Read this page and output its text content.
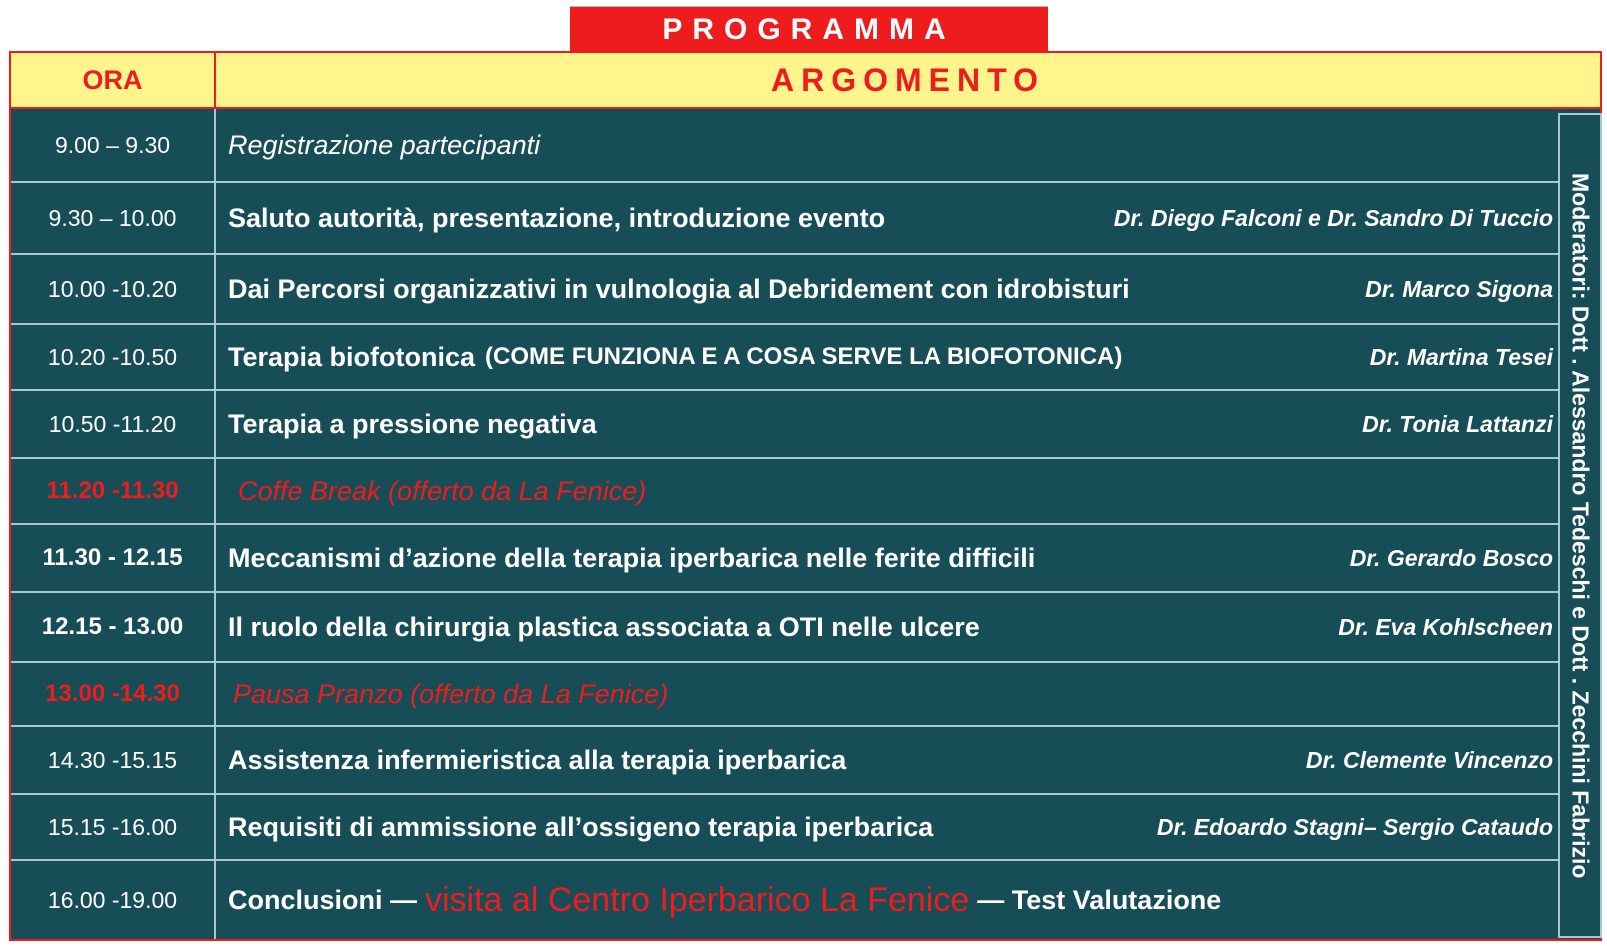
PROGRAMMA
ORA	ARGOMENTO
9.00 – 9.30	Registrazione partecipanti
9.30 – 10.00	Saluto autorità, presentazione, introduzione evento	Dr. Diego Falconi e Dr. Sandro Di Tuccio
10.00 -10.20	Dai Percorsi organizzativi in vulnologia al Debridement con idrobisturi	Dr. Marco Sigona
10.20 -10.50	Terapia biofotonica (COME FUNZIONA E A COSA SERVE LA BIOFOTONICA)	Dr. Martina Tesei
10.50 -11.20	Terapia a pressione negativa	Dr. Tonia Lattanzi
11.20 -11.30	Coffe Break (offerto da La Fenice)
11.30 - 12.15	Meccanismi d’azione della terapia iperbarica nelle ferite difficili	Dr. Gerardo Bosco
12.15 - 13.00	Il ruolo della chirurgia plastica associata a OTI nelle ulcere	Dr. Eva Kohlscheen
13.00 -14.30	Pausa Pranzo (offerto da La Fenice)
14.30 -15.15	Assistenza infermieristica alla terapia iperbarica	Dr. Clemente Vincenzo
15.15 -16.00	Requisiti di ammissione all’ossigeno terapia iperbarica	Dr. Edoardo Stagni– Sergio Cataudo
16.00 -19.00	Conclusioni — visita al Centro Iperbarico La Fenice — Test Valutazione
Moderatori: Dott . Alessandro Tedeschi e Dott . Zecchini Fabrizio
